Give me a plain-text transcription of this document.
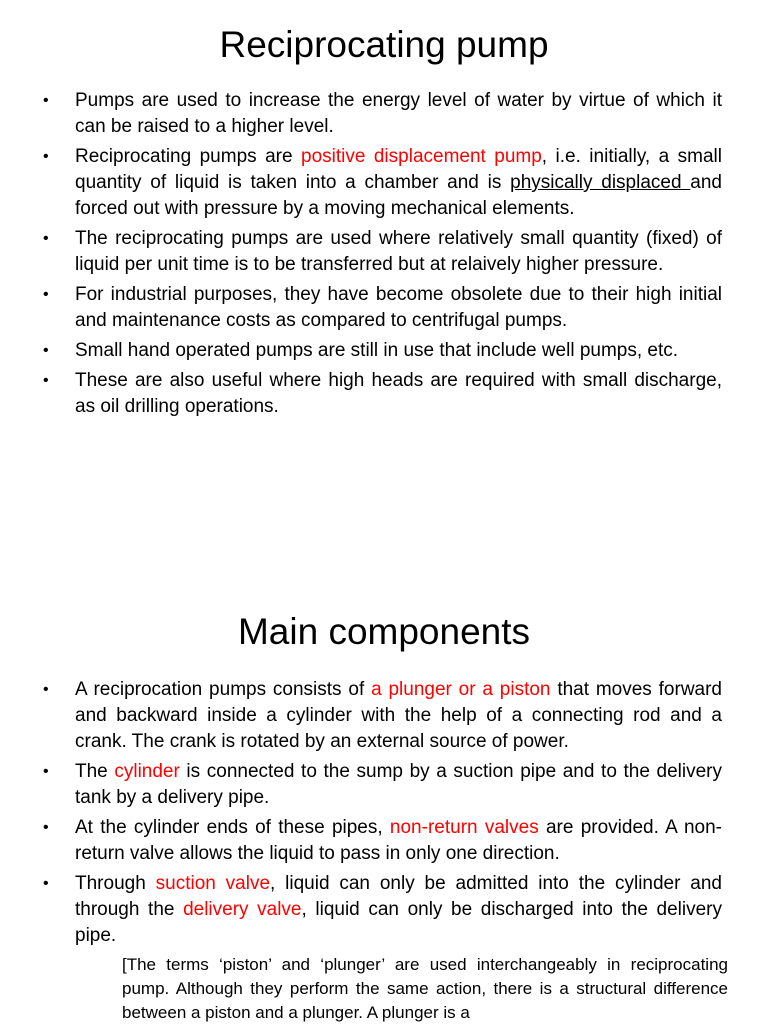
Reciprocating pump
• Pumps are used to increase the energy level of water by virtue of which it can be raised to a higher level.
• Reciprocating pumps are positive displacement pump, i.e. initially, a small quantity of liquid is taken into a chamber and is physically displaced and forced out with pressure by a moving mechanical elements.
• The reciprocating pumps are used where relatively small quantity (fixed) of liquid per unit time is to be transferred but at relaively higher pressure.
• For industrial purposes, they have become obsolete due to their high initial and maintenance costs as compared to centrifugal pumps.
• Small hand operated pumps are still in use that include well pumps, etc.
• These are also useful where high heads are required with small discharge, as oil drilling operations.
Main components
• A reciprocation pumps consists of a plunger or a piston that moves forward and backward inside a cylinder with the help of a connecting rod and a crank. The crank is rotated by an external source of power.
• The cylinder is connected to the sump by a suction pipe and to the delivery tank by a delivery pipe.
• At the cylinder ends of these pipes, non-return valves are provided. A non-return valve allows the liquid to pass in only one direction.
• Through suction valve, liquid can only be admitted into the cylinder and through the delivery valve, liquid can only be discharged into the delivery pipe.

[The terms ‘piston’ and ‘plunger’ are used interchangeably in reciprocating pump. Although they perform the same action, there is a structural difference between a piston and a plunger. A plunger is a
